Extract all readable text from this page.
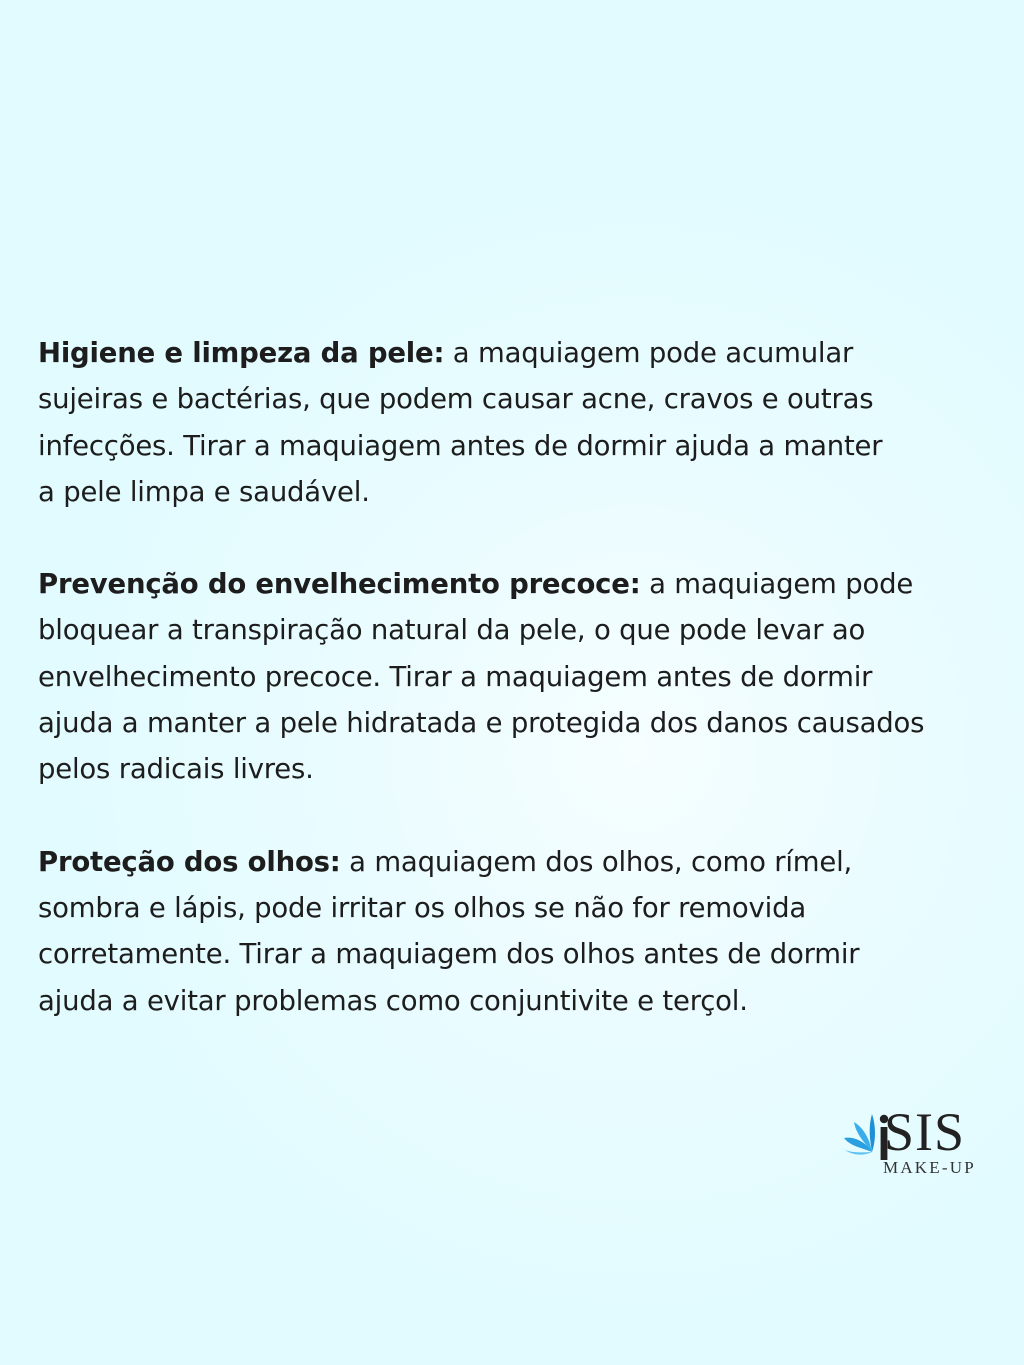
Higiene e limpeza da pele: a maquiagem pode acumular
sujeiras e bactérias, que podem causar acne, cravos e outras
infecções. Tirar a maquiagem antes de dormir ajuda a manter
a pele limpa e saudável.

Prevenção do envelhecimento precoce: a maquiagem pode
bloquear a transpiração natural da pele, o que pode levar ao
envelhecimento precoce. Tirar a maquiagem antes de dormir
ajuda a manter a pele hidratada e protegida dos danos causados
pelos radicais livres.

Proteção dos olhos: a maquiagem dos olhos, como rímel,
sombra e lápis, pode irritar os olhos se não for removida
corretamente. Tirar a maquiagem dos olhos antes de dormir
ajuda a evitar problemas como conjuntivite e terçol.

SIS
MAKE-UP
